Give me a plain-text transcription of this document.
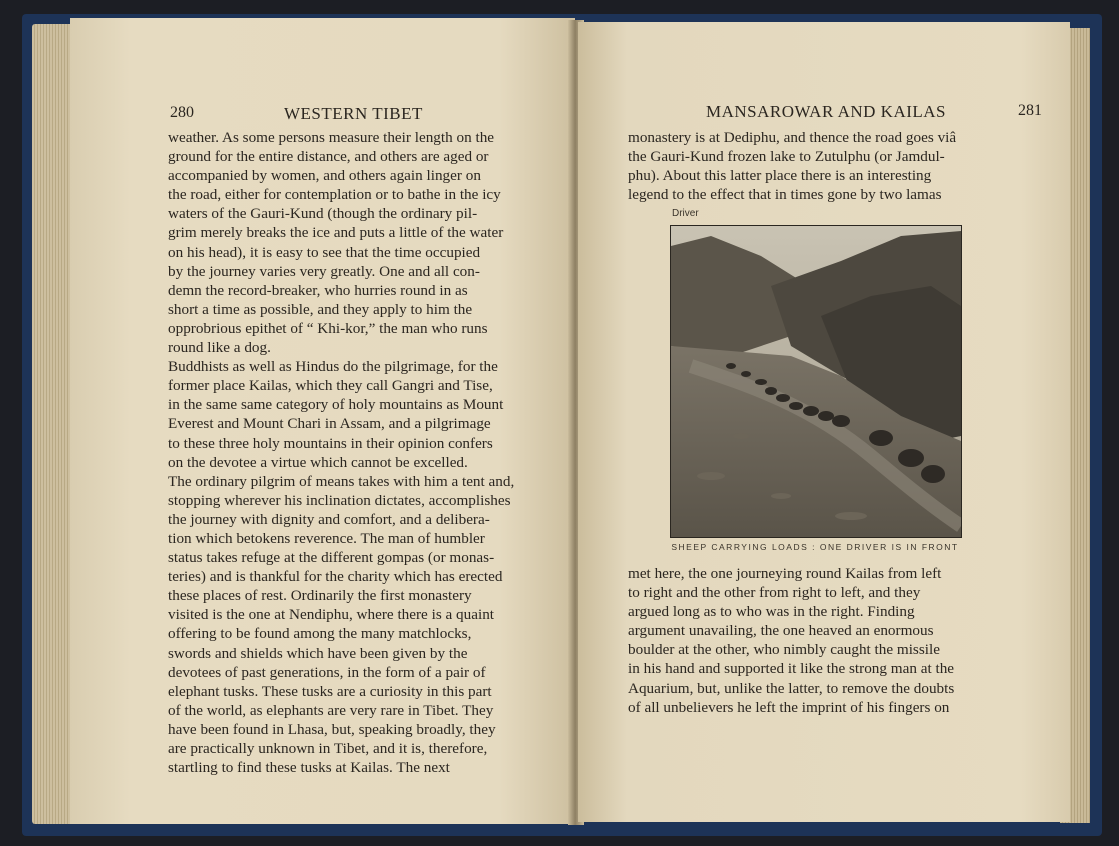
280	WESTERN TIBET
weather. As some persons measure their length on the
ground for the entire distance, and others are aged or
accompanied by women, and others again linger on
the road, either for contemplation or to bathe in the icy
waters of the Gauri-Kund (though the ordinary pil-
grim merely breaks the ice and puts a little of the water
on his head), it is easy to see that the time occupied
by the journey varies very greatly. One and all con-
demn the record-breaker, who hurries round in as
short a time as possible, and they apply to him the
opprobrious epithet of “ Khi-kor,” the man who runs
round like a dog.
Buddhists as well as Hindus do the pilgrimage, for the
former place Kailas, which they call Gangri and Tise,
in the same same category of holy mountains as Mount
Everest and Mount Chari in Assam, and a pilgrimage
to these three holy mountains in their opinion confers
on the devotee a virtue which cannot be excelled.
The ordinary pilgrim of means takes with him a tent and,
stopping wherever his inclination dictates, accomplishes
the journey with dignity and comfort, and a delibera-
tion which betokens reverence. The man of humbler
status takes refuge at the different gompas (or monas-
teries) and is thankful for the charity which has erected
these places of rest. Ordinarily the first monastery
visited is the one at Nendiphu, where there is a quaint
offering to be found among the many matchlocks,
swords and shields which have been given by the
devotees of past generations, in the form of a pair of
elephant tusks. These tusks are a curiosity in this part
of the world, as elephants are very rare in Tibet. They
have been found in Lhasa, but, speaking broadly, they
are practically unknown in Tibet, and it is, therefore,
startling to find these tusks at Kailas. The next
MANSAROWAR AND KAILAS	281
monastery is at Dediphu, and thence the road goes viâ
the Gauri-Kund frozen lake to Zutulphu (or Jamdul-
phu). About this latter place there is an interesting
legend to the effect that in times gone by two lamas
Driver
SHEEP CARRYING LOADS : ONE DRIVER IS IN FRONT
met here, the one journeying round Kailas from left
to right and the other from right to left, and they
argued long as to who was in the right. Finding
argument unavailing, the one heaved an enormous
boulder at the other, who nimbly caught the missile
in his hand and supported it like the strong man at the
Aquarium, but, unlike the latter, to remove the doubts
of all unbelievers he left the imprint of his fingers on
